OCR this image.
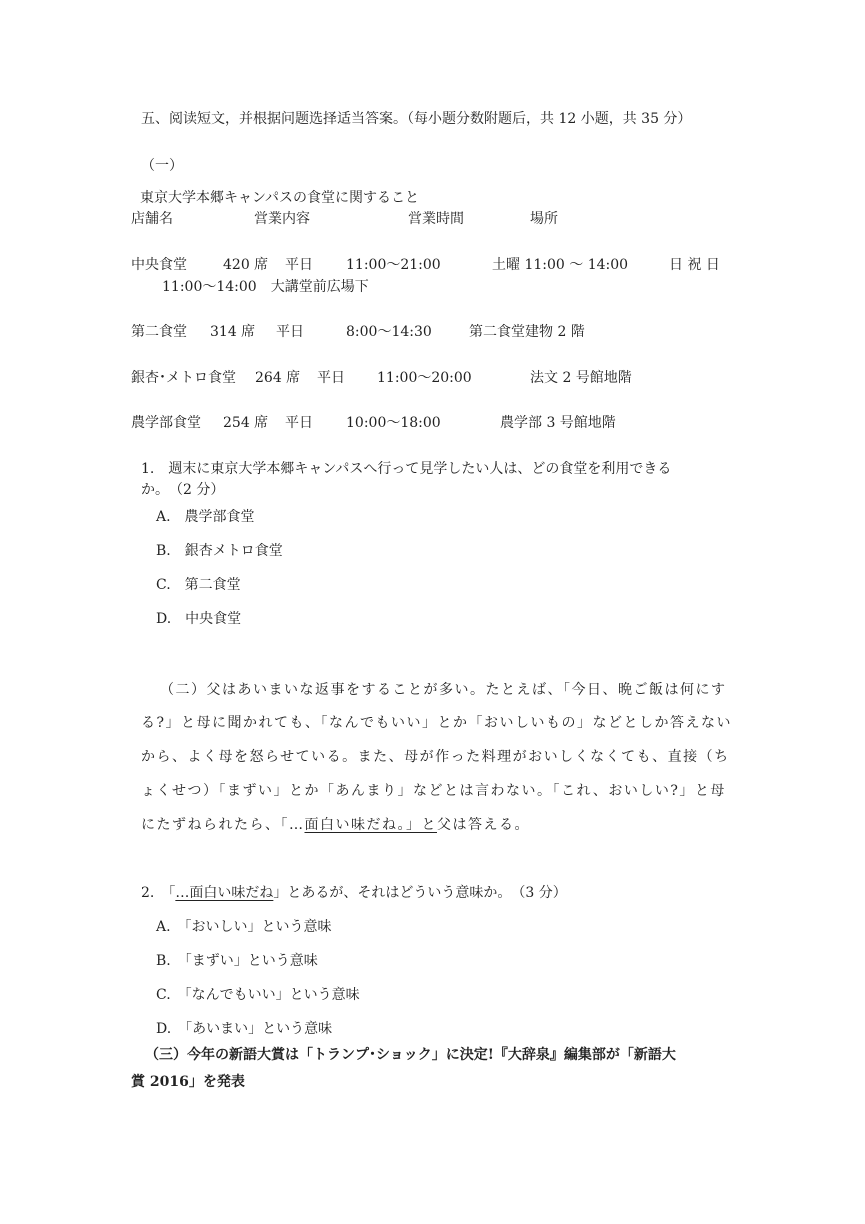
五、阅读短文，并根据问题选择适当答案。（每小题分数附题后，共 12 小题，共 35 分）
（一）
東京大学本郷キャンパスの食堂に関すること
店舗名	営業内容	営業時間	場所
中央食堂	420 席 平日 11:00～21:00	土曜 11:00 ～ 14:00	日 祝 日
11:00～14:00　大講堂前広場下
第二食堂 314 席 平日	8:00～14:30	第二食堂建物 2 階
銀杏･メトロ食堂 264 席 平日 11:00～20:00	法文 2 号館地階
農学部食堂 254 席 平日 10:00～18:00	農学部 3 号館地階
1.　週末に東京大学本郷キャンパスへ行って見学したい人は、どの食堂を利用できる
か。　（2 分）
A.　農学部食堂
B.　銀杏メトロ食堂
C.　第二食堂
D.　中央食堂
（二）父はあいまいな返事をすることが多い。たとえば、「今日、晩ご飯は何にす
る?」と母に聞かれても、「なんでもいい」とか「おいしいもの」などとしか答えない
から、よく母を怒らせている。また、母が作った料理がおいしくなくても、直接（ち
ょくせつ）「まずい」とか「あんまり」などとは言わない。「これ、おいしい?」と母
にたずねられたら、「…面白い味だね。」と父は答える。
2.　「…面白い味だね」とあるが、それはどういう意味か。　（3 分）
A.　「おいしい」という意味
B.　「まずい」という意味
C.　「なんでもいい」という意味
D.　「あいまい」という意味
（三）今年の新語大賞は「トランプ･ショック」に決定!『大辞泉』編集部が「新語大
賞 2016」を発表
